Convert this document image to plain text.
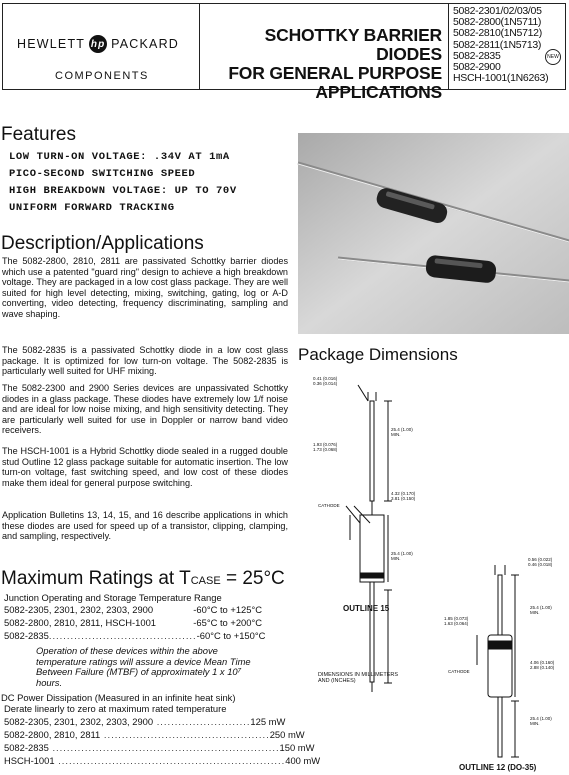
HEWLETT hp PACKARD
COMPONENTS
SCHOTTKY BARRIER DIODES
FOR GENERAL PURPOSE
APPLICATIONS
5082-2301/02/03/05
5082-2800(1N5711)
5082-2810(1N5712)
5082-2811(1N5713)
5082-2835
5082-2900
HSCH-1001(1N6263)
NEW
Features
LOW TURN-ON VOLTAGE: .34V AT 1mA
PICO-SECOND SWITCHING SPEED
HIGH BREAKDOWN VOLTAGE: UP TO 70V
UNIFORM FORWARD TRACKING
Description/Applications

The 5082-2800, 2810, 2811 are passivated Schottky barrier diodes which use a patented "guard ring" design to achieve a high breakdown voltage. They are packaged in a low cost glass package. They are well suited for high level detecting, mixing, switching, gating, log or A-D converting, video detecting, frequency discriminating, sampling and wave shaping.

The 5082-2835 is a passivated Schottky diode in a low cost glass package. It is optimized for low turn-on voltage. The 5082-2835 is particularly well suited for UHF mixing.

The 5082-2300 and 2900 Series devices are unpassivated Schottky diodes in a glass package. These diodes have extremely low 1/f noise and are ideal for low noise mixing, and high sensitivity detecting. They are particularly well suited for use in Doppler or narrow band video receivers.

The HSCH-1001 is a Hybrid Schottky diode sealed in a rugged double stud Outline 12 glass package suitable for automatic insertion. The low turn-on voltage, fast switching speed, and low cost of these diodes make them ideal for general purpose switching.

Application Bulletins 13, 14, 15, and 16 describe applications in which these diodes are used for speed up of a transistor, clipping, clamping, and sampling, respectively.

Maximum Ratings at TCASE = 25°C
Junction Operating and Storage Temperature Range
5082-2305, 2301, 2302, 2303, 2900
	-60°C to +125°C
5082-2800, 2810, 2811, HSCH-1001
	-65°C to +200°C
5082-2835 ......................................... -60°C to +150°C
Operation of these devices within the above temperature ratings will assure a device Mean Time Between Failure (MTBF) of approximately 1 x 10⁷ hours.
DC Power Dissipation (Measured in an infinite heat sink)
Derate linearly to zero at maximum rated temperature
5082-2305, 2301, 2302, 2303, 2900 .......................... 125 mW
5082-2800, 2810, 2811 .............................................. 250 mW
5082-2835 ............................................................... 150 mW
HSCH-1001 ............................................................... 400 mW
Package Dimensions
0.41 (0.016)
0.36 (0.014)
25.4 (1.00)
MIN.
1.93 (0.076)
1.73 (0.068)
4.32 (0.170)
3.81 (0.150)
CATHODE
25.4 (1.00)
MIN.
OUTLINE 15
0.56 (0.022)
0.46 (0.018)
25.4 (1.00)
MIN.
1.85 (0.073)
1.63 (0.064)
4.06 (0.160)
2.88 (0.140)
CATHODE
25.4 (1.00)
MIN.
DIMENSIONS IN MILLIMETERS
AND (INCHES)
OUTLINE 12 (DO-35)
